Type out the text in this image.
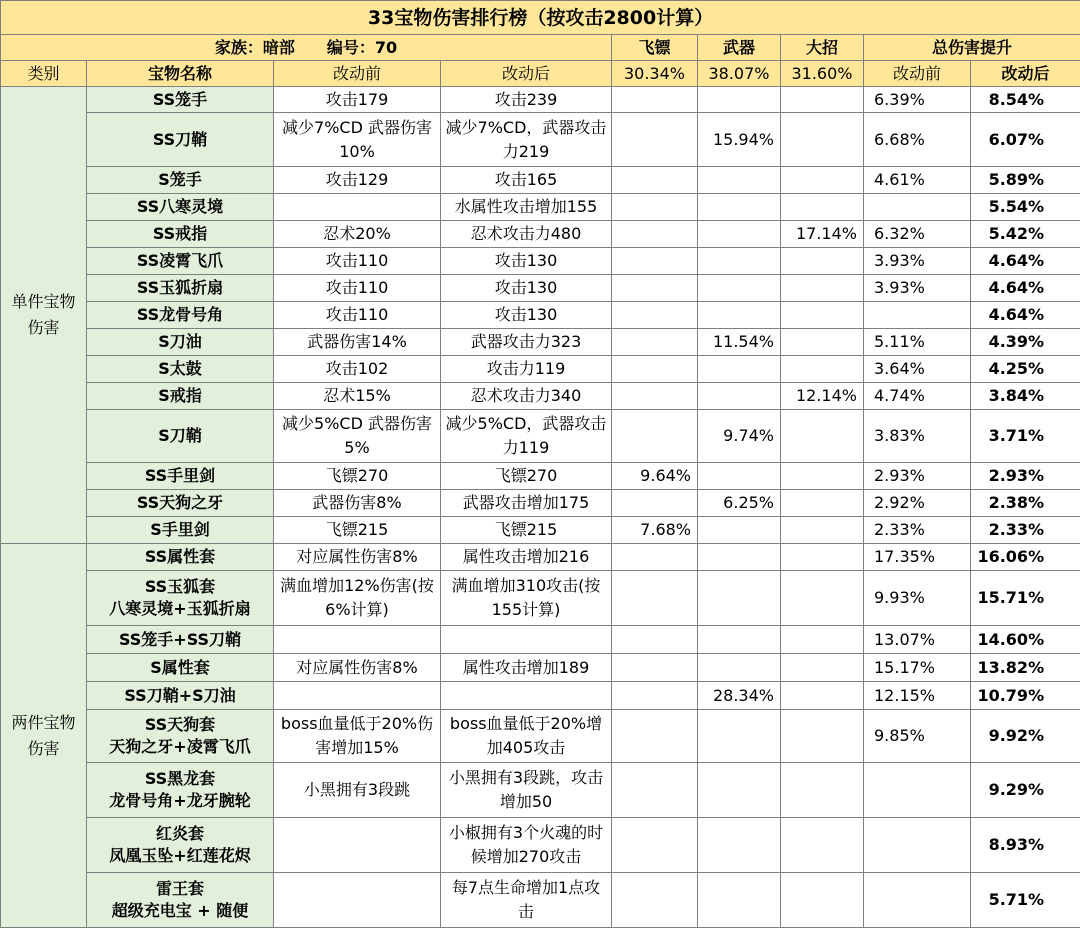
33宝物伤害排行榜（按攻击2800计算）								
家族：暗部　　编号：70				飞镖	武器	大招	总伤害提升	
类别	宝物名称	改动前	改动后	30.34%	38.07%	31.60%	改动前	改动后
单件宝物伤害	SS笼手	攻击179	攻击239				6.39%	8.54%

	SS刀鞘	减少7%CD 武器伤害10%	减少7%CD，武器攻击力219		15.94%		6.68%	6.07%

	S笼手	攻击129	攻击165				4.61%	5.89%

	SS八寒灵境		水属性攻击增加155					5.54%

	SS戒指	忍术20%	忍术攻击力480			17.14%	6.32%	5.42%

	SS凌霄飞爪	攻击110	攻击130				3.93%	4.64%

	SS玉狐折扇	攻击110	攻击130				3.93%	4.64%

	SS龙骨号角	攻击110	攻击130					4.64%

	S刀油	武器伤害14%	武器攻击力323		11.54%		5.11%	4.39%

	S太鼓	攻击102	攻击力119				3.64%	4.25%

	S戒指	忍术15%	忍术攻击力340			12.14%	4.74%	3.84%

	S刀鞘	减少5%CD 武器伤害5%	减少5%CD，武器攻击力119		9.74%		3.83%	3.71%

	SS手里剑	飞镖270	飞镖270	9.64%			2.93%	2.93%

	SS天狗之牙	武器伤害8%	武器攻击增加175		6.25%		2.92%	2.38%

	S手里剑	飞镖215	飞镖215	7.68%			2.33%	2.33%
两件宝物伤害	SS属性套	对应属性伤害8%	属性攻击增加216				17.35%	16.06%

	SS玉狐套
八寒灵境+玉狐折扇	满血增加12%伤害(按6%计算)	满血增加310攻击(按155计算)				9.93%	15.71%

	SS笼手+SS刀鞘						13.07%	14.60%

	S属性套	对应属性伤害8%	属性攻击增加189				15.17%	13.82%

	SS刀鞘+S刀油				28.34%		12.15%	10.79%

	SS天狗套
天狗之牙+凌霄飞爪	boss血量低于20%伤害增加15%	boss血量低于20%增加405攻击				9.85%	9.92%

	SS黑龙套
龙骨号角+龙牙腕轮	小黑拥有3段跳	小黑拥有3段跳，攻击增加50					9.29%

	红炎套
凤凰玉坠+红莲花烬		小椒拥有3个火魂的时候增加270攻击					8.93%

	雷王套
超级充电宝 + 随便		每7点生命增加1点攻击					5.71%
